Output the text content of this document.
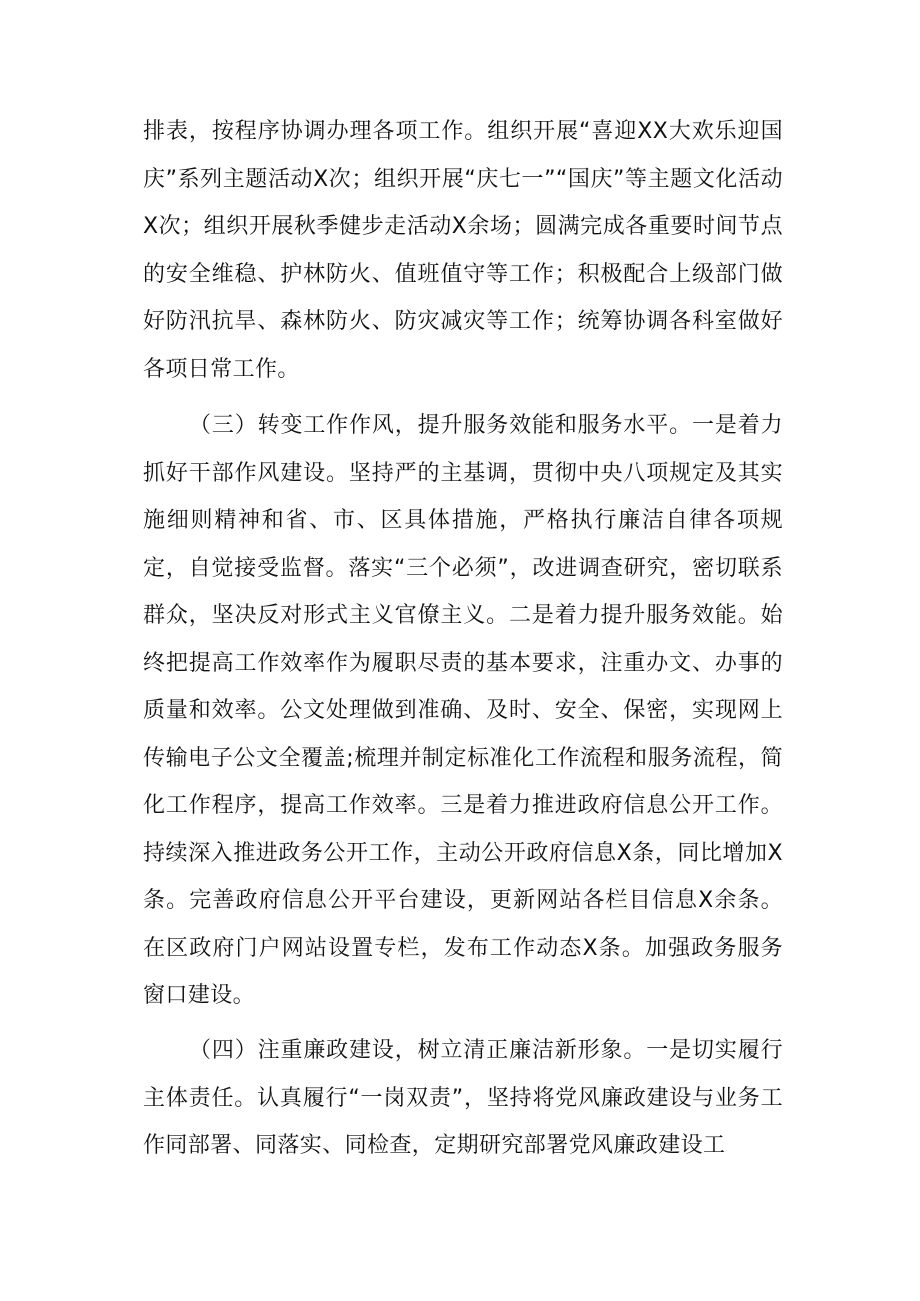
排表，按程序协调办理各项工作。组织开展“喜迎XX大欢乐迎国庆”系列主题活动X次；组织开展“庆七一”“国庆”等主题文化活动X次；组织开展秋季健步走活动X余场；圆满完成各重要时间节点的安全维稳、护林防火、值班值守等工作；积极配合上级部门做好防汛抗旱、森林防火、防灾减灾等工作；统筹协调各科室做好各项日常工作。

（三）转变工作作风，提升服务效能和服务水平。一是着力抓好干部作风建设。坚持严的主基调，贯彻中央八项规定及其实施细则精神和省、市、区具体措施，严格执行廉洁自律各项规定，自觉接受监督。落实“三个必须”，改进调查研究，密切联系群众，坚决反对形式主义官僚主义。二是着力提升服务效能。始终把提高工作效率作为履职尽责的基本要求，注重办文、办事的质量和效率。公文处理做到准确、及时、安全、保密，实现网上传输电子公文全覆盖;梳理并制定标准化工作流程和服务流程，简化工作程序，提高工作效率。三是着力推进政府信息公开工作。持续深入推进政务公开工作，主动公开政府信息X条，同比增加X条。完善政府信息公开平台建设，更新网站各栏目信息X余条。在区政府门户网站设置专栏，发布工作动态X条。加强政务服务窗口建设。

（四）注重廉政建设，树立清正廉洁新形象。一是切实履行主体责任。认真履行“一岗双责”，坚持将党风廉政建设与业务工作同部署、同落实、同检查，定期研究部署党风廉政建设工
